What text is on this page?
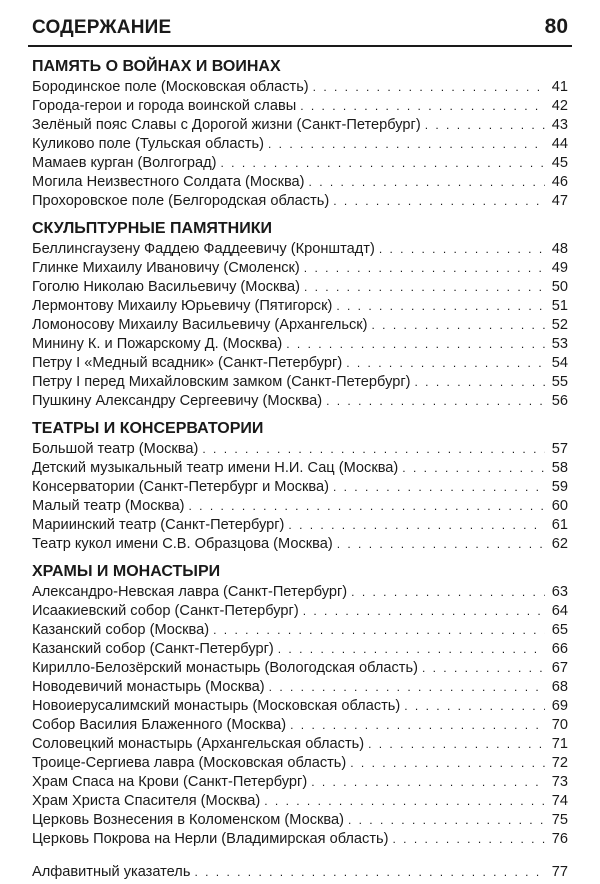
СОДЕРЖАНИЕ	80
ПАМЯТЬ О ВОЙНАХ И ВОИНАХ
Бородинское поле (Московская область) . . .	41
Города-герои и города воинской славы . . .	42
Зелёный пояс Славы с Дорогой жизни (Санкт-Петербург) . . .	43
Куликово поле (Тульская область) . . .	44
Мамаев курган (Волгоград) . . .	45
Могила Неизвестного Солдата (Москва) . . .	46
Прохоровское поле (Белгородская область) . . .	47
СКУЛЬПТУРНЫЕ ПАМЯТНИКИ
Беллинсгаузену Фаддею Фаддеевичу (Кронштадт) . . .	48
Глинке Михаилу Ивановичу (Смоленск) . . .	49
Гоголю Николаю Васильевичу (Москва) . . .	50
Лермонтову Михаилу Юрьевичу (Пятигорск) . . .	51
Ломоносову Михаилу Васильевичу (Архангельск) . . .	52
Минину К. и Пожарскому Д. (Москва) . . .	53
Петру I «Медный всадник» (Санкт-Петербург) . . .	54
Петру I перед Михайловским замком (Санкт-Петербург) . . .	55
Пушкину Александру Сергеевичу (Москва) . . .	56
ТЕАТРЫ И КОНСЕРВАТОРИИ
Большой театр (Москва) . . .	57
Детский музыкальный театр имени Н.И. Сац (Москва) . . .	58
Консерватории (Санкт-Петербург и Москва) . . .	59
Малый театр (Москва) . . .	60
Мариинский театр (Санкт-Петербург) . . .	61
Театр кукол имени С.В. Образцова (Москва) . . .	62
ХРАМЫ И МОНАСТЫРИ
Александро-Невская лавра (Санкт-Петербург) . . .	63
Исаакиевский собор (Санкт-Петербург) . . .	64
Казанский собор (Москва) . . .	65
Казанский собор (Санкт-Петербург) . . .	66
Кирилло-Белозёрский монастырь (Вологодская область) . . .	67
Новодевичий монастырь (Москва) . . .	68
Новоиерусалимский монастырь (Московская область) . . .	69
Собор Василия Блаженного (Москва) . . .	70
Соловецкий монастырь (Архангельская область) . . .	71
Троице-Сергиева лавра (Московская область) . . .	72
Храм Спаса на Крови (Санкт-Петербург) . . .	73
Храм Христа Спасителя (Москва) . . .	74
Церковь Вознесения в Коломенском (Москва) . . .	75
Церковь Покрова на Нерли (Владимирская область) . . .	76
Алфавитный указатель . . .	77
